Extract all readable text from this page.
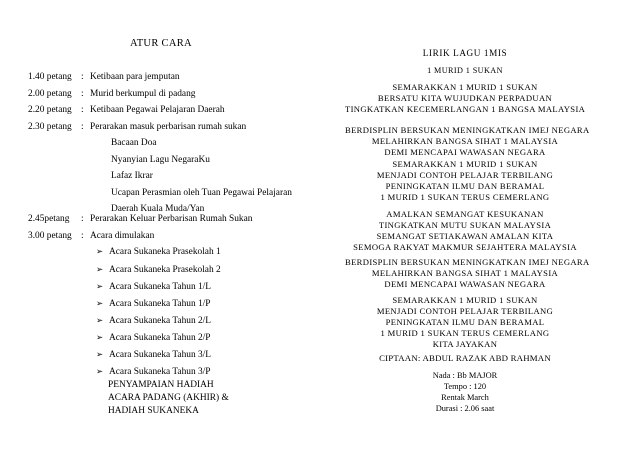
ATUR CARA
1.40 petang : Ketibaan para jemputan
2.00 petang : Murid berkumpul di padang
2.20 petang : Ketibaan Pegawai Pelajaran Daerah
2.30 petang : Perarakan masuk perbarisan rumah sukan
Bacaan Doa
Nyanyian Lagu NegaraKu
Lafaz Ikrar
Ucapan Perasmian oleh Tuan Pegawai Pelajaran
Daerah Kuala Muda/Yan
2.45petang : Perarakan Keluar Perbarisan Rumah Sukan
3.00 petang : Acara dimulakan
➢ Acara Sukaneka Prasekolah 1
➢ Acara Sukaneka Prasekolah 2
➢ Acara Sukaneka Tahun 1/L
➢ Acara Sukaneka Tahun 1/P
➢ Acara Sukaneka Tahun 2/L
➢ Acara Sukaneka Tahun 2/P
➢ Acara Sukaneka Tahun 3/L
➢ Acara Sukaneka Tahun 3/P
PENYAMPAIAN HADIAH
ACARA PADANG (AKHIR) &
HADIAH SUKANEKA
LIRIK LAGU 1MIS
1 MURID 1 SUKAN
SEMARAKKAN 1 MURID 1 SUKAN
BERSATU KITA WUJUDKAN PERPADUAN
TINGKATKAN KECEMERLANGAN 1 BANGSA MALAYSIA
BERDISPLIN BERSUKAN MENINGKATKAN IMEJ NEGARA
MELAHIRKAN BANGSA SIHAT 1 MALAYSIA
DEMI MENCAPAI WAWASAN NEGARA
SEMARAKKAN 1 MURID 1 SUKAN
MENJADI CONTOH PELAJAR TERBILANG
PENINGKATAN ILMU DAN BERAMAL
1 MURID 1 SUKAN TERUS CEMERLANG
AMALKAN SEMANGAT KESUKANAN
TINGKATKAN MUTU SUKAN MALAYSIA
SEMANGAT SETIAKAWAN AMALAN KITA
SEMOGA RAKYAT MAKMUR SEJAHTERA MALAYSIA
BERDISPLIN BERSUKAN MENINGKATKAN IMEJ NEGARA
MELAHIRKAN BANGSA SIHAT 1 MALAYSIA
DEMI MENCAPAI WAWASAN NEGARA
SEMARAKKAN 1 MURID 1 SUKAN
MENJADI CONTOH PELAJAR TERBILANG
PENINGKATAN ILMU DAN BERAMAL
1 MURID 1 SUKAN TERUS CEMERLANG
KITA JAYAKAN
CIPTAAN: ABDUL RAZAK ABD RAHMAN
Nada : Bb MAJOR
Tempo : 120
Rentak March
Durasi : 2.06 saat
